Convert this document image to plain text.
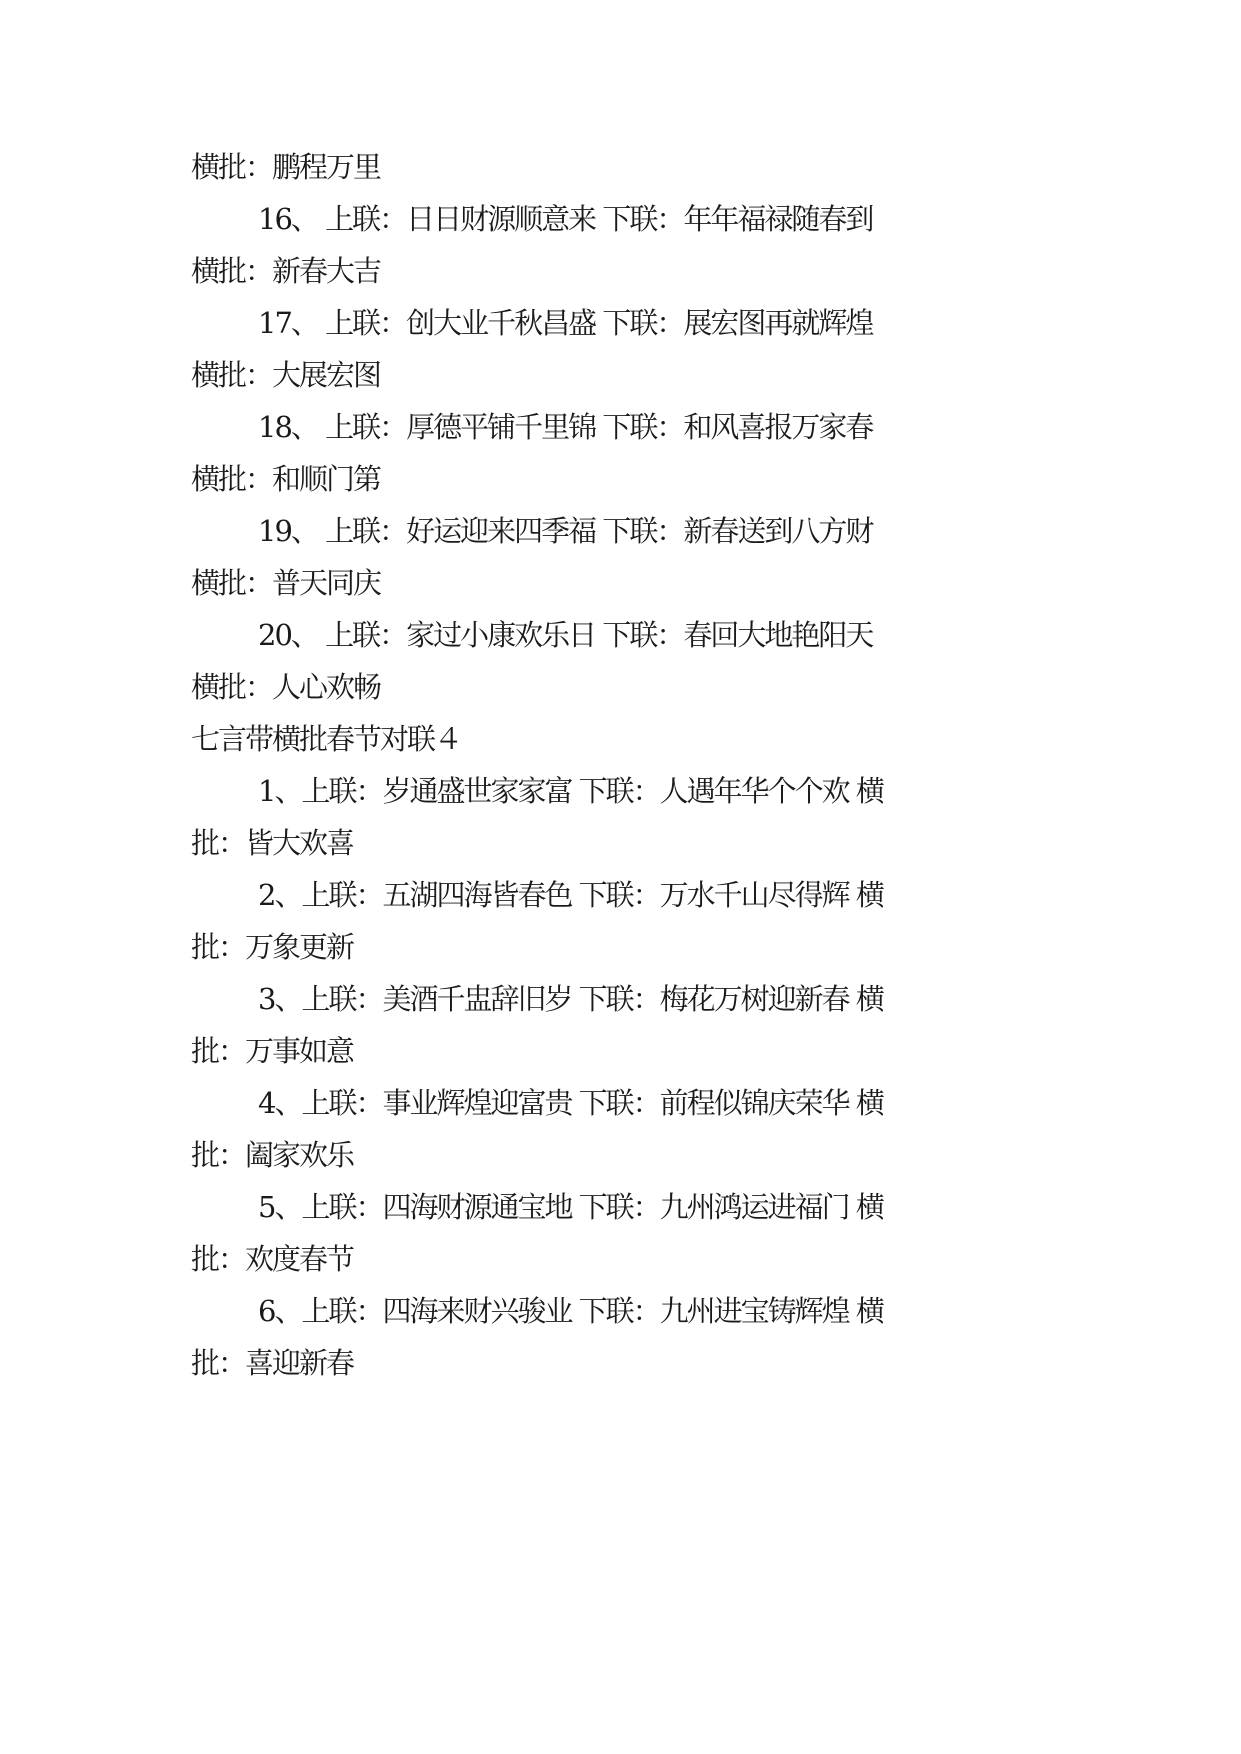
横批：鹏程万里
16、 上联：日日财源顺意来 下联：年年福禄随春到
横批：新春大吉
17、 上联：创大业千秋昌盛 下联：展宏图再就辉煌
横批：大展宏图
18、 上联：厚德平铺千里锦 下联：和风喜报万家春
横批：和顺门第
19、 上联：好运迎来四季福 下联：新春送到八方财
横批：普天同庆
20、 上联：家过小康欢乐日 下联：春回大地艳阳天
横批：人心欢畅
七言带横批春节对联４
1、上联：岁通盛世家家富 下联：人遇年华个个欢 横
批：皆大欢喜
2、上联：五湖四海皆春色 下联：万水千山尽得辉 横
批：万象更新
3、上联：美酒千盅辞旧岁 下联：梅花万树迎新春 横
批：万事如意
4、上联：事业辉煌迎富贵 下联：前程似锦庆荣华 横
批：阖家欢乐
5、上联：四海财源通宝地 下联：九州鸿运进福门 横
批：欢度春节
6、上联：四海来财兴骏业 下联：九州进宝铸辉煌 横
批：喜迎新春
